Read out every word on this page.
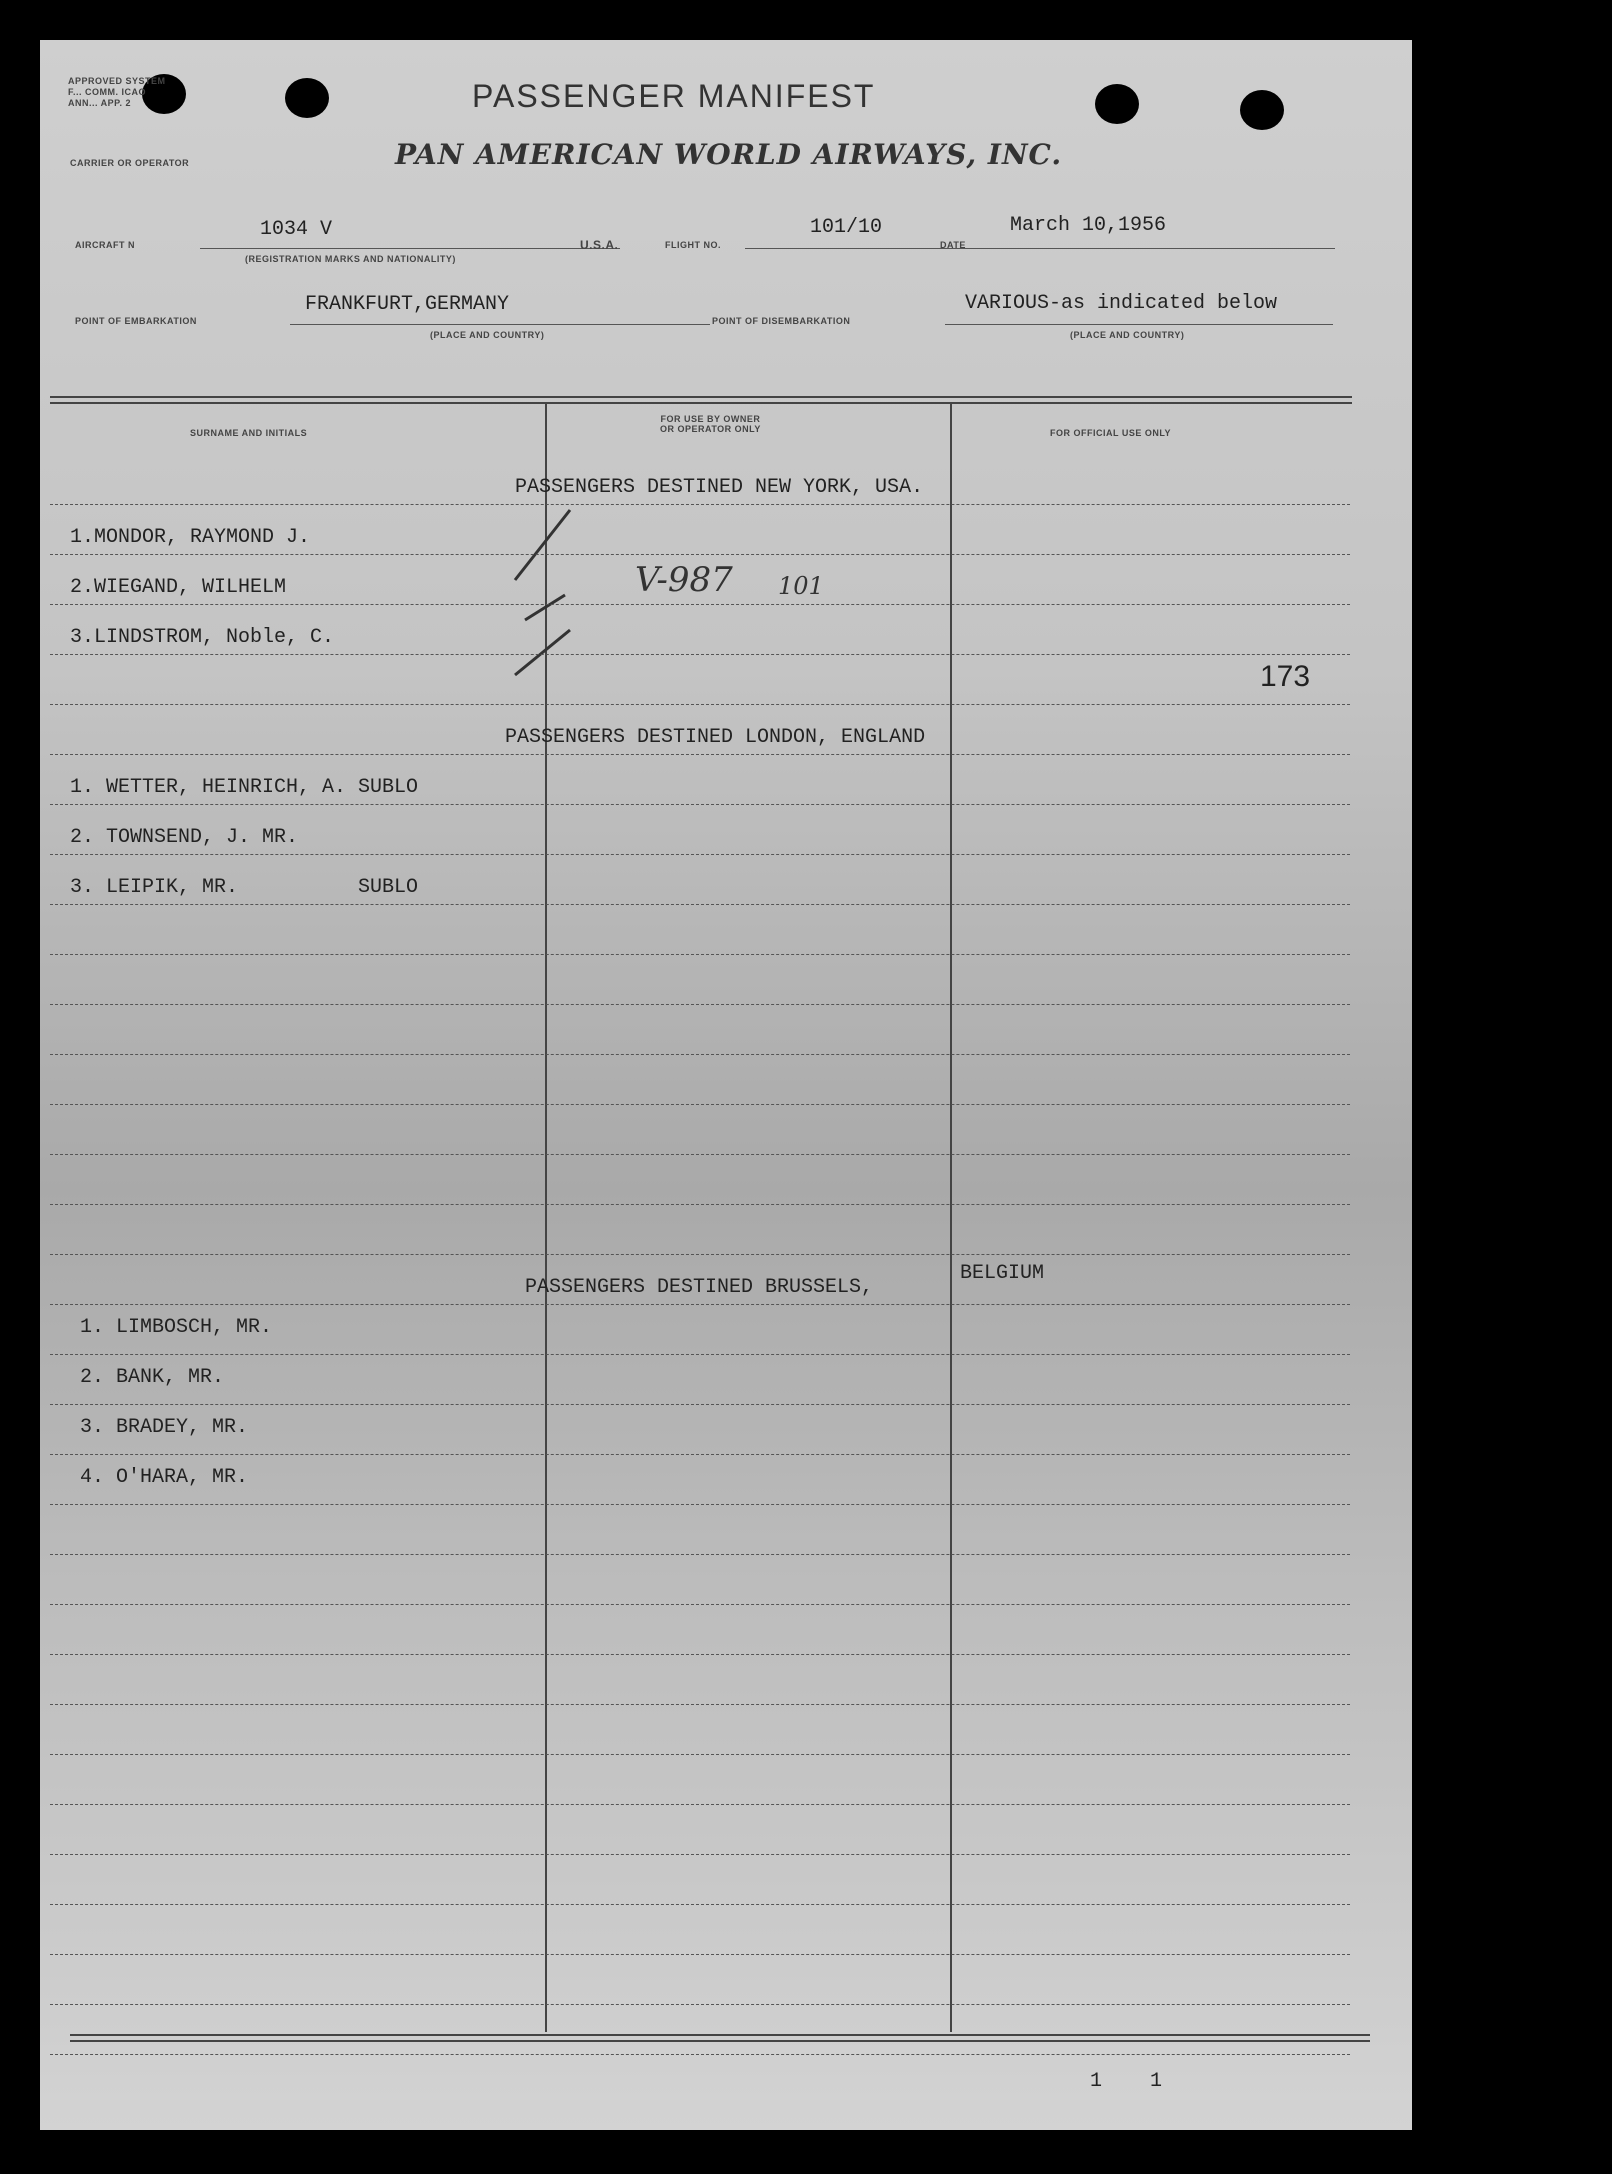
APPROVED SYSTEM F... COMM. ICAO ANN... APP. 2	PASSENGER MANIFEST
CARRIER OR OPERATOR	PAN AMERICAN WORLD AIRWAYS, INC.
AIRCRAFT N
1034 V
(REGISTRATION MARKS AND NATIONALITY)
U.S.A.	FLIGHT NO.
101/10
DATE
March 10,1956
POINT OF EMBARKATION
FRANKFURT,GERMANY
(PLACE AND COUNTRY)
POINT OF DISEMBARKATION
VARIOUS-as indicated below
(PLACE AND COUNTRY)
SURNAME AND INITIALS
FOR USE BY OWNER
OR OPERATOR ONLY	FOR OFFICIAL USE ONLY
PASSENGERS DESTINED NEW YORK, USA.
1.MONDOR, RAYMOND J.
2.WIEGAND, WILHELM
3.LINDSTROM, Noble, C.
V-987 101
173
PASSENGERS DESTINED LONDON, ENGLAND
1. WETTER, HEINRICH, A. SUBLO
2. TOWNSEND, J. MR.
3. LEIPIK, MR.          SUBLO
PASSENGERS DESTINED BRUSSELS,
BELGIUM
1. LIMBOSCH, MR.
2. BANK, MR.
3. BRADEY, MR.
4. O'HARA, MR.
1    1
